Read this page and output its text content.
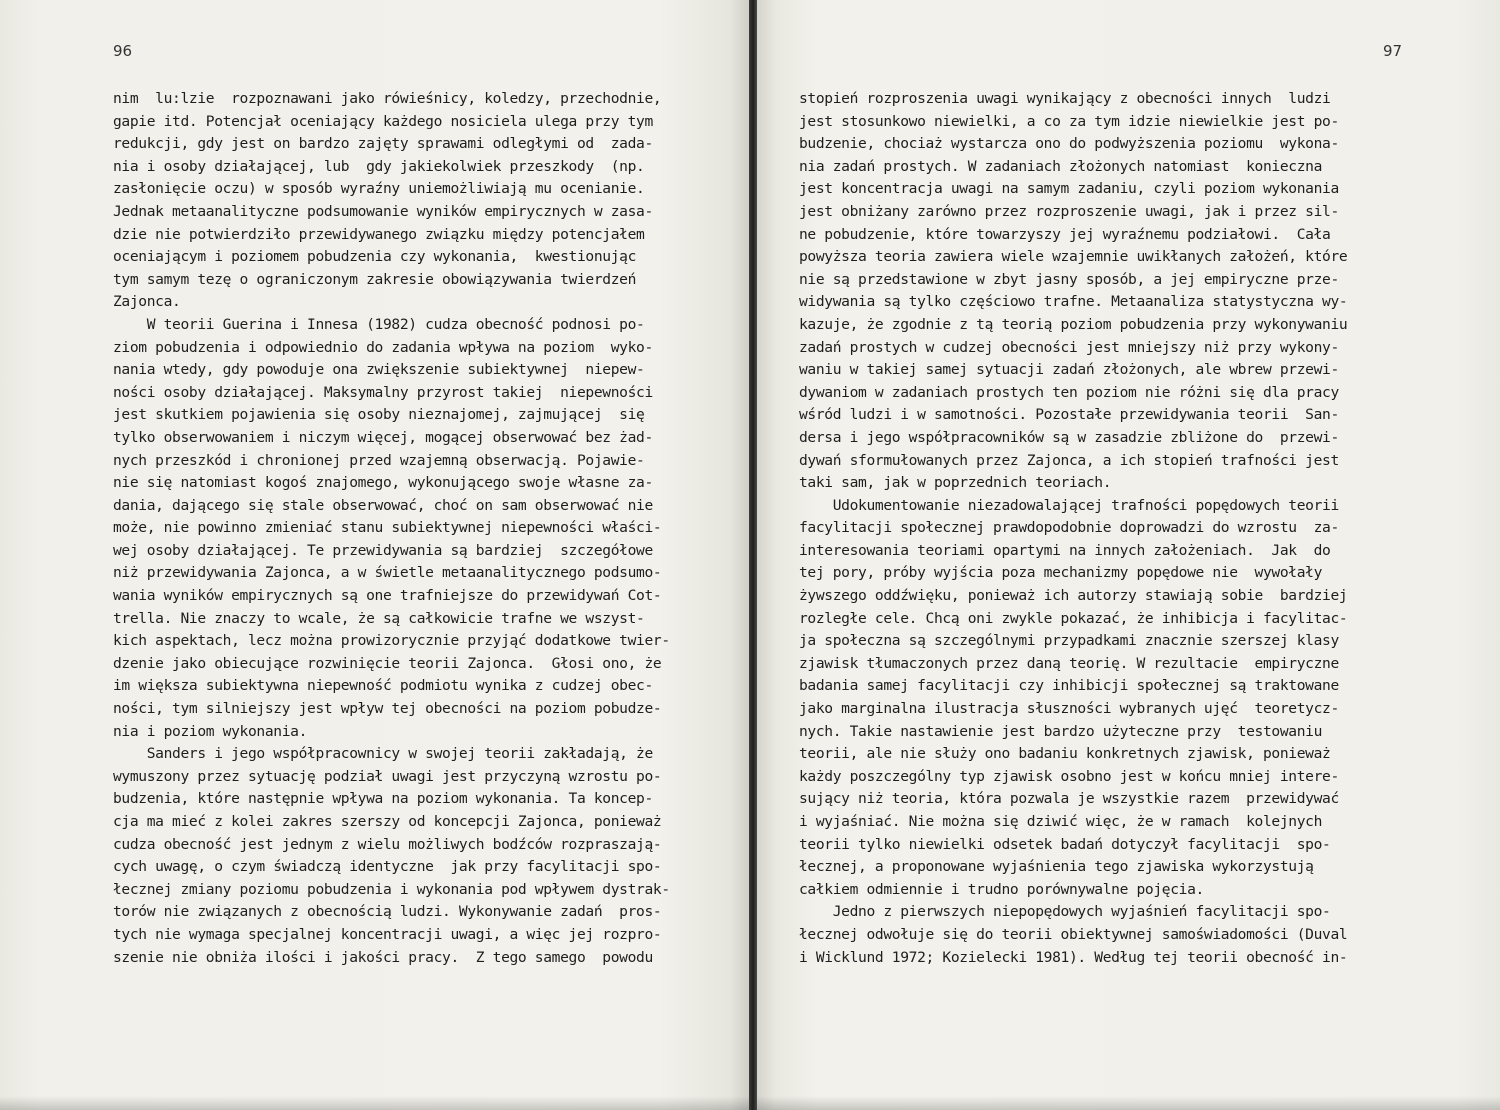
96
nim  lu:lzie  rozpoznawani jako rówieśnicy, koledzy, przechodnie,
gapie itd. Potencjał oceniający każdego nosiciela ulega przy tym
redukcji, gdy jest on bardzo zajęty sprawami odległymi od  zada-
nia i osoby działającej, lub  gdy jakiekolwiek przeszkody  (np.
zasłonięcie oczu) w sposób wyraźny uniemożliwiają mu ocenianie.
Jednak metaanalityczne podsumowanie wyników empirycznych w zasa-
dzie nie potwierdziło przewidywanego związku między potencjałem
oceniającym i poziomem pobudzenia czy wykonania,  kwestionując
tym samym tezę o ograniczonym zakresie obowiązywania twierdzeń
Zajonca.
W teorii Guerina i Innesa (1982) cudza obecność podnosi po-
ziom pobudzenia i odpowiednio do zadania wpływa na poziom  wyko-
nania wtedy, gdy powoduje ona zwiększenie subiektywnej  niepew-
ności osoby działającej. Maksymalny przyrost takiej  niepewności
jest skutkiem pojawienia się osoby nieznajomej, zajmującej  się
tylko obserwowaniem i niczym więcej, mogącej obserwować bez żad-
nych przeszkód i chronionej przed wzajemną obserwacją. Pojawie-
nie się natomiast kogoś znajomego, wykonującego swoje własne za-
dania, dającego się stale obserwować, choć on sam obserwować nie
może, nie powinno zmieniać stanu subiektywnej niepewności właści-
wej osoby działającej. Te przewidywania są bardziej  szczegółowe
niż przewidywania Zajonca, a w świetle metaanalitycznego podsumo-
wania wyników empirycznych są one trafniejsze do przewidywań Cot-
trella. Nie znaczy to wcale, że są całkowicie trafne we wszyst-
kich aspektach, lecz można prowizorycznie przyjąć dodatkowe twier-
dzenie jako obiecujące rozwinięcie teorii Zajonca.  Głosi ono, że
im większa subiektywna niepewność podmiotu wynika z cudzej obec-
ności, tym silniejszy jest wpływ tej obecności na poziom pobudze-
nia i poziom wykonania.
Sanders i jego współpracownicy w swojej teorii zakładają, że
wymuszony przez sytuację podział uwagi jest przyczyną wzrostu po-
budzenia, które następnie wpływa na poziom wykonania. Ta koncep-
cja ma mieć z kolei zakres szerszy od koncepcji Zajonca, ponieważ
cudza obecność jest jednym z wielu możliwych bodźców rozpraszają-
cych uwagę, o czym świadczą identyczne  jak przy facylitacji spo-
łecznej zmiany poziomu pobudzenia i wykonania pod wpływem dystrak-
torów nie związanych z obecnością ludzi. Wykonywanie zadań  pros-
tych nie wymaga specjalnej koncentracji uwagi, a więc jej rozpro-
szenie nie obniża ilości i jakości pracy.  Z tego samego  powodu
97
stopień rozproszenia uwagi wynikający z obecności innych  ludzi
jest stosunkowo niewielki, a co za tym idzie niewielkie jest po-
budzenie, chociaż wystarcza ono do podwyższenia poziomu  wykona-
nia zadań prostych. W zadaniach złożonych natomiast  konieczna
jest koncentracja uwagi na samym zadaniu, czyli poziom wykonania
jest obniżany zarówno przez rozproszenie uwagi, jak i przez sil-
ne pobudzenie, które towarzyszy jej wyraźnemu podziałowi.  Cała
powyższa teoria zawiera wiele wzajemnie uwikłanych założeń, które
nie są przedstawione w zbyt jasny sposób, a jej empiryczne prze-
widywania są tylko częściowo trafne. Metaanaliza statystyczna wy-
kazuje, że zgodnie z tą teorią poziom pobudzenia przy wykonywaniu
zadań prostych w cudzej obecności jest mniejszy niż przy wykony-
waniu w takiej samej sytuacji zadań złożonych, ale wbrew przewi-
dywaniom w zadaniach prostych ten poziom nie różni się dla pracy
wśród ludzi i w samotności. Pozostałe przewidywania teorii  San-
dersa i jego współpracowników są w zasadzie zbliżone do  przewi-
dywań sformułowanych przez Zajonca, a ich stopień trafności jest
taki sam, jak w poprzednich teoriach.
Udokumentowanie niezadowalającej trafności popędowych teorii
facylitacji społecznej prawdopodobnie doprowadzi do wzrostu  za-
interesowania teoriami opartymi na innych założeniach.  Jak  do
tej pory, próby wyjścia poza mechanizmy popędowe nie  wywołały
żywszego oddźwięku, ponieważ ich autorzy stawiają sobie  bardziej
rozległe cele. Chcą oni zwykle pokazać, że inhibicja i facylitac-
ja społeczna są szczególnymi przypadkami znacznie szerszej klasy
zjawisk tłumaczonych przez daną teorię. W rezultacie  empiryczne
badania samej facylitacji czy inhibicji społecznej są traktowane
jako marginalna ilustracja słuszności wybranych ujęć  teoretycz-
nych. Takie nastawienie jest bardzo użyteczne przy  testowaniu
teorii, ale nie służy ono badaniu konkretnych zjawisk, ponieważ
każdy poszczególny typ zjawisk osobno jest w końcu mniej intere-
sujący niż teoria, która pozwala je wszystkie razem  przewidywać
i wyjaśniać. Nie można się dziwić więc, że w ramach  kolejnych
teorii tylko niewielki odsetek badań dotyczył facylitacji  spo-
łecznej, a proponowane wyjaśnienia tego zjawiska wykorzystują
całkiem odmiennie i trudno porównywalne pojęcia.
Jedno z pierwszych niepopędowych wyjaśnień facylitacji spo-
łecznej odwołuje się do teorii obiektywnej samoświadomości (Duval
i Wicklund 1972; Kozielecki 1981). Według tej teorii obecność in-
